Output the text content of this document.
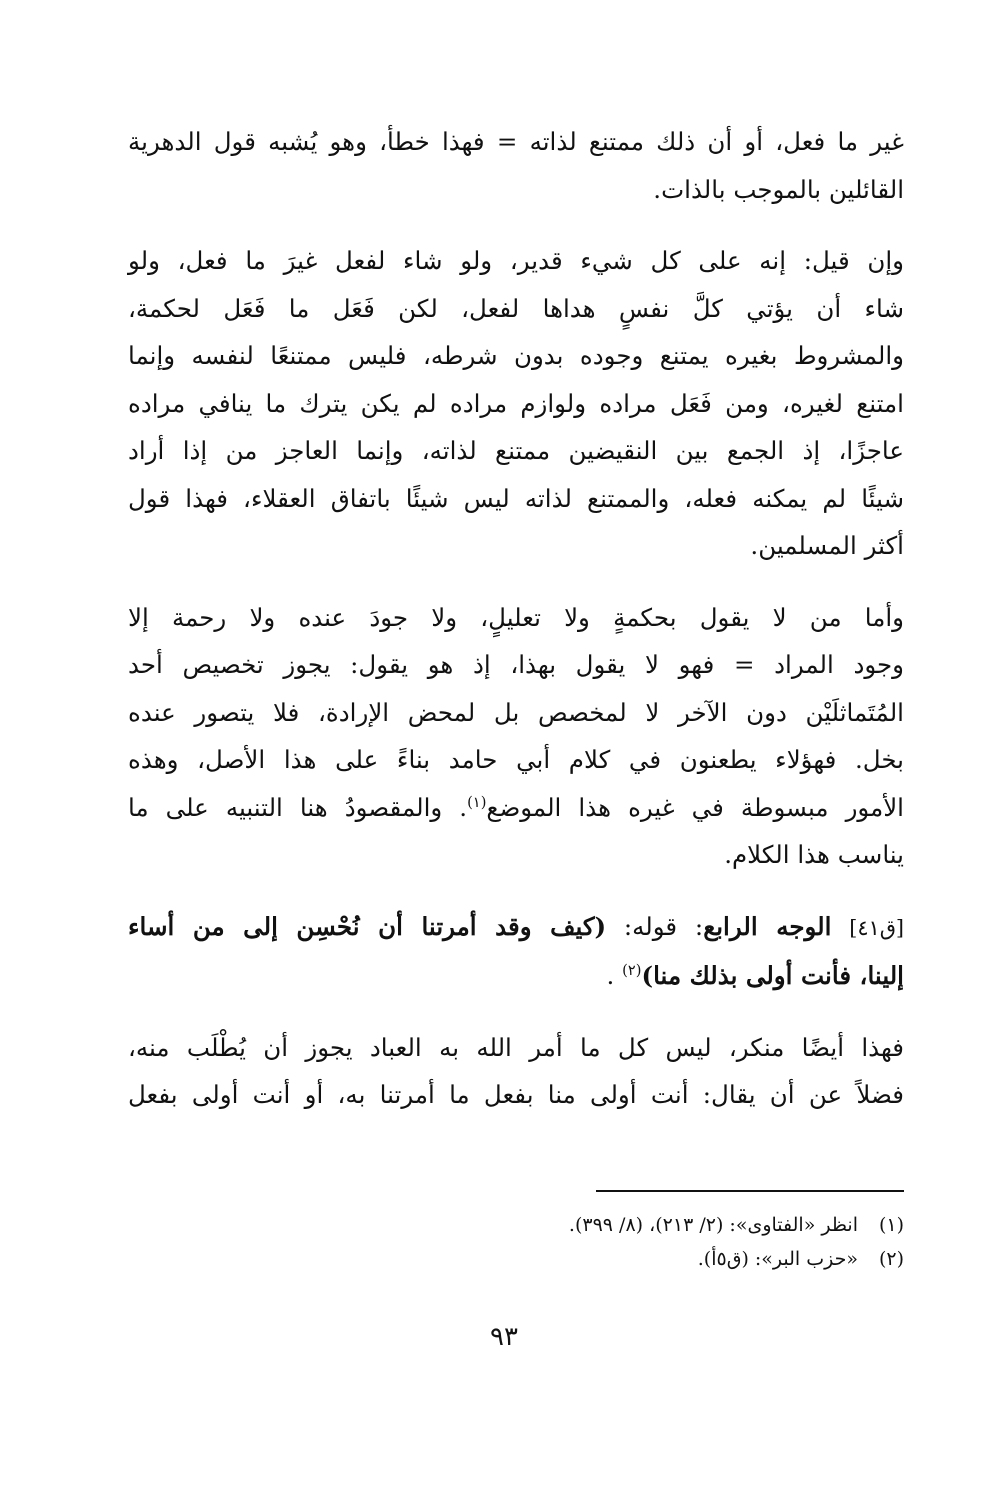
غير ما فعل، أو أن ذلك ممتنع لذاته = فهذا خطأ، وهو يُشبه قول الدهرية
القائلين بالموجب بالذات.

وإن قيل: إنه على كل شيء قدير، ولو شاء لفعل غيرَ ما فعل، ولو
شاء أن يؤتي كلَّ نفسٍ هداها لفعل، لكن فَعَل ما فَعَل لحكمة،
والمشروط بغيره يمتنع وجوده بدون شرطه، فليس ممتنعًا لنفسه وإنما
امتنع لغيره، ومن فَعَل مراده ولوازم مراده لم يكن يترك ما ينافي مراده
عاجزًا، إذ الجمع بين النقيضين ممتنع لذاته، وإنما العاجز من إذا أراد
شيئًا لم يمكنه فعله، والممتنع لذاته ليس شيئًا باتفاق العقلاء، فهذا قول
أكثر المسلمين.

وأما من لا يقول بحكمةٍ ولا تعليلٍ، ولا جودَ عنده ولا رحمة إلا
وجود المراد = فهو لا يقول بهذا، إذ هو يقول: يجوز تخصيص أحد
المُتَماثلَيْن دون الآخر لا لمخصص بل لمحض الإرادة، فلا يتصور عنده
بخل. فهؤلاء يطعنون في كلام أبي حامد بناءً على هذا الأصل، وهذه
الأمور مبسوطة في غيره هذا الموضع$^{(١)}$. والمقصودُ هنا التنبيه على ما
يناسب هذا الكلام.

[ق٤١] الوجه الرابع: قوله: (كيف وقد أمرتنا أن نُحْسِن إلى من أساء
إلينا، فأنت أولى بذلك منا)$^{(٢)}$ .

فهذا أيضًا منكر، ليس كل ما أمر الله به العباد يجوز أن يُطْلَب منه،
فضلاً عن أن يقال: أنت أولى منا بفعل ما أمرتنا به، أو أنت أولى بفعل

(١)
انظر «الفتاوى»: (٢/ ٢١٣)، (٨/ ٣٩٩).
(٢)
«حزب البر»: (ق٥أ).
٩٣
